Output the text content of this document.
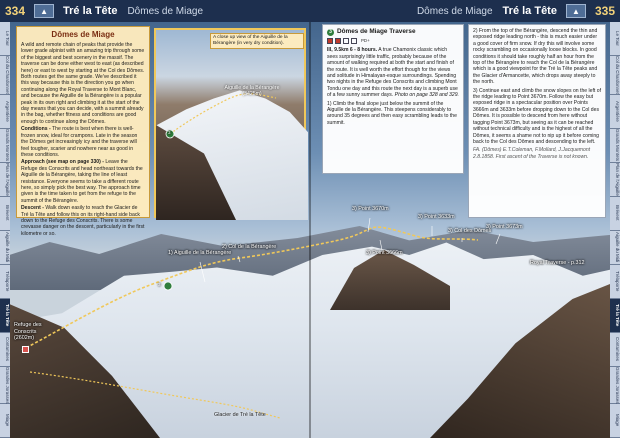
3
334	▲	Tré la Tête Dômes de Miage	Dômes de Miage Tré la Tête	▲	335
Le Tour
Col du Chardonnet
Argentière
Grands Montets
Plan de l'Aiguille
Brévent
Aiguille du Midi
Trélaporte
Tré la Tête
Contamines
Grandes Jorasses
Miage
Le Tour
Col du Chardonnet
Argentière
Grands Montets
Plan de l'Aiguille
Brévent
Aiguille du Midi
Trélaporte
Tré la Tête
Contamines
Grandes Jorasses
Miage
Dômes de Miage

A wild and remote chain of peaks that provide the lower grade alpinist with an amazing trip through some of the biggest and best scenery in the massif. The traverse can be done either west to east (as described here) or east to west by starting at the Col des Dômes. Both routes get the same grade. We've described it this way because this is the direction you go when continuing along the Royal Traverse to Mont Blanc, and because the Aiguille de la Bérangère is a popular peak in its own right and climbing it at the start of the day means that you can decide, with a summit already in the bag, whether fitness and conditions are good enough to continue along the Dômes.

Conditions - The route is best when there is well-frozen snow, ideal for crampons. Late in the season the Dômes get increasingly icy and the traverse will feel tougher, scarier and nowhere near as good in these conditions.

Approach (see map on page 330) - Leave the Refuge des Conscrits and head northeast towards the Aiguille de la Bérangère, taking the line of least resistance. Everyone seems to take a different route here, so simply pick the best way. The approach time given is the time taken to get from the refuge to the summit of the Bérangère.

Descent - Walk down easily to reach the Glacier de Tré la Tête and follow this on its right-hand side back down to the Refuge des Conscrits. There is some crevasse danger on the descent, particularly in the first kilometre or so.

3
A close up view of the Aiguille de la Bérangère (in very dry condition).
Aiguille de la Bérangère (3425m)
3 Dômes de Miage Traverse
PD+

III, 9.5km 6 - 8 hours. A true Chamonix classic which sees surprisingly little traffic, probably because of the amount of walking required at both the start and finish of the route. It is well worth the effort though for the views and solitude in Himalayan-esque surroundings. Spending two nights in the Refuge des Conscrits and climbing Mont Tondu one day and this route the next day is a superb use of a few sunny summer days. Photo on page 328 and 329.

1) Climb the final slope just below the summit of the Aiguille de la Bérangère. This steepens considerably to around 35 degrees and then easy scrambling leads to the summit.

2) From the top of the Bérangère, descend the thin and exposed ridge leading north - this is much easier under a good cover of firm snow. If dry this will involve some rocky scrambling on occasionally loose blocks. In good conditions it should take roughly half an hour from the top of the Bérangère to reach the Col de la Bérangère which is a good viewpoint for the Tré la Tête peaks and the Glacier d'Armancette, which drops away steeply to the north.

3) Continue east and climb the snow slopes on the left of the ridge leading to Point 3670m. Follow the easy but exposed ridge in a spectacular position over Points 3666m and 3633m before dropping down to the Col des Dômes. It is possible to descend from here without tagging Point 3673m, but seeing as it can be reached without technical difficulty and is the highest of all the Dômes, it seems a shame not to nip up it before coming back to the Col des Dômes and descending to the left.

FA. (Dômes) E.T.Coleman, F.Mollard, J.Jacquemont 2.8.1858. First ascent of the Traverse is not known.

1) Aiguille de la Bérangère
2) Col de la Bérangère
3) Point 3670m
3) Point 3666m
3) Point 3633m
3) Col des Dômes
3) Point 3673m
Royal Traverse - p.312
Refuge des Conscrits (2602m)
Glacier de Tré la Tête
